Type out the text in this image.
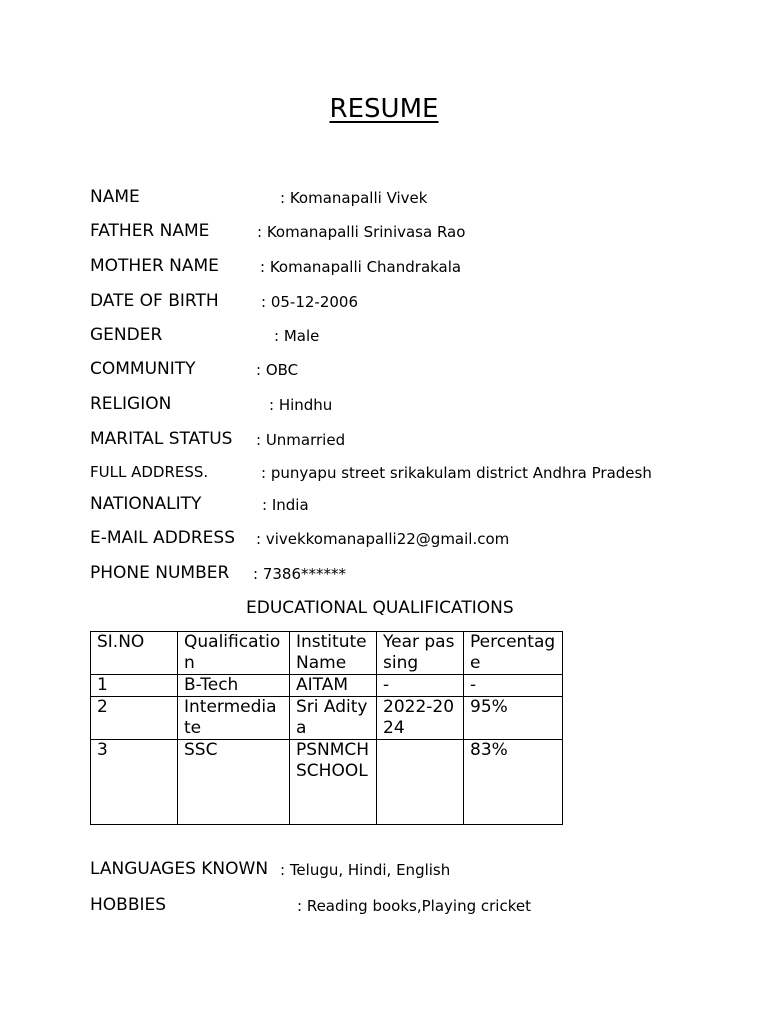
RESUME
NAME	: Komanapalli Vivek
FATHER NAME	: Komanapalli Srinivasa Rao
MOTHER NAME	: Komanapalli Chandrakala
DATE OF BIRTH	: 05-12-2006
GENDER	: Male
COMMUNITY	: OBC
RELIGION	: Hindhu
MARITAL STATUS : Unmarried
FULL ADDRESS.	: punyapu street srikakulam district Andhra Pradesh
NATIONALITY	: India
E-MAIL ADDRESS : vivekkomanapalli22@gmail.com
PHONE NUMBER : 7386******
EDUCATIONAL QUALIFICATIONS
SI.NO	Qualification	Institute Name	Year passing	Percentage
1	B-Tech	AITAM	-	-
2	Intermediate	Sri Aditya	2022-2024	95%
3	SSC	PSNMCH SCHOOL		83%
LANGUAGES KNOWN : Telugu, Hindi, English
HOBBIES	: Reading books,Playing cricket
